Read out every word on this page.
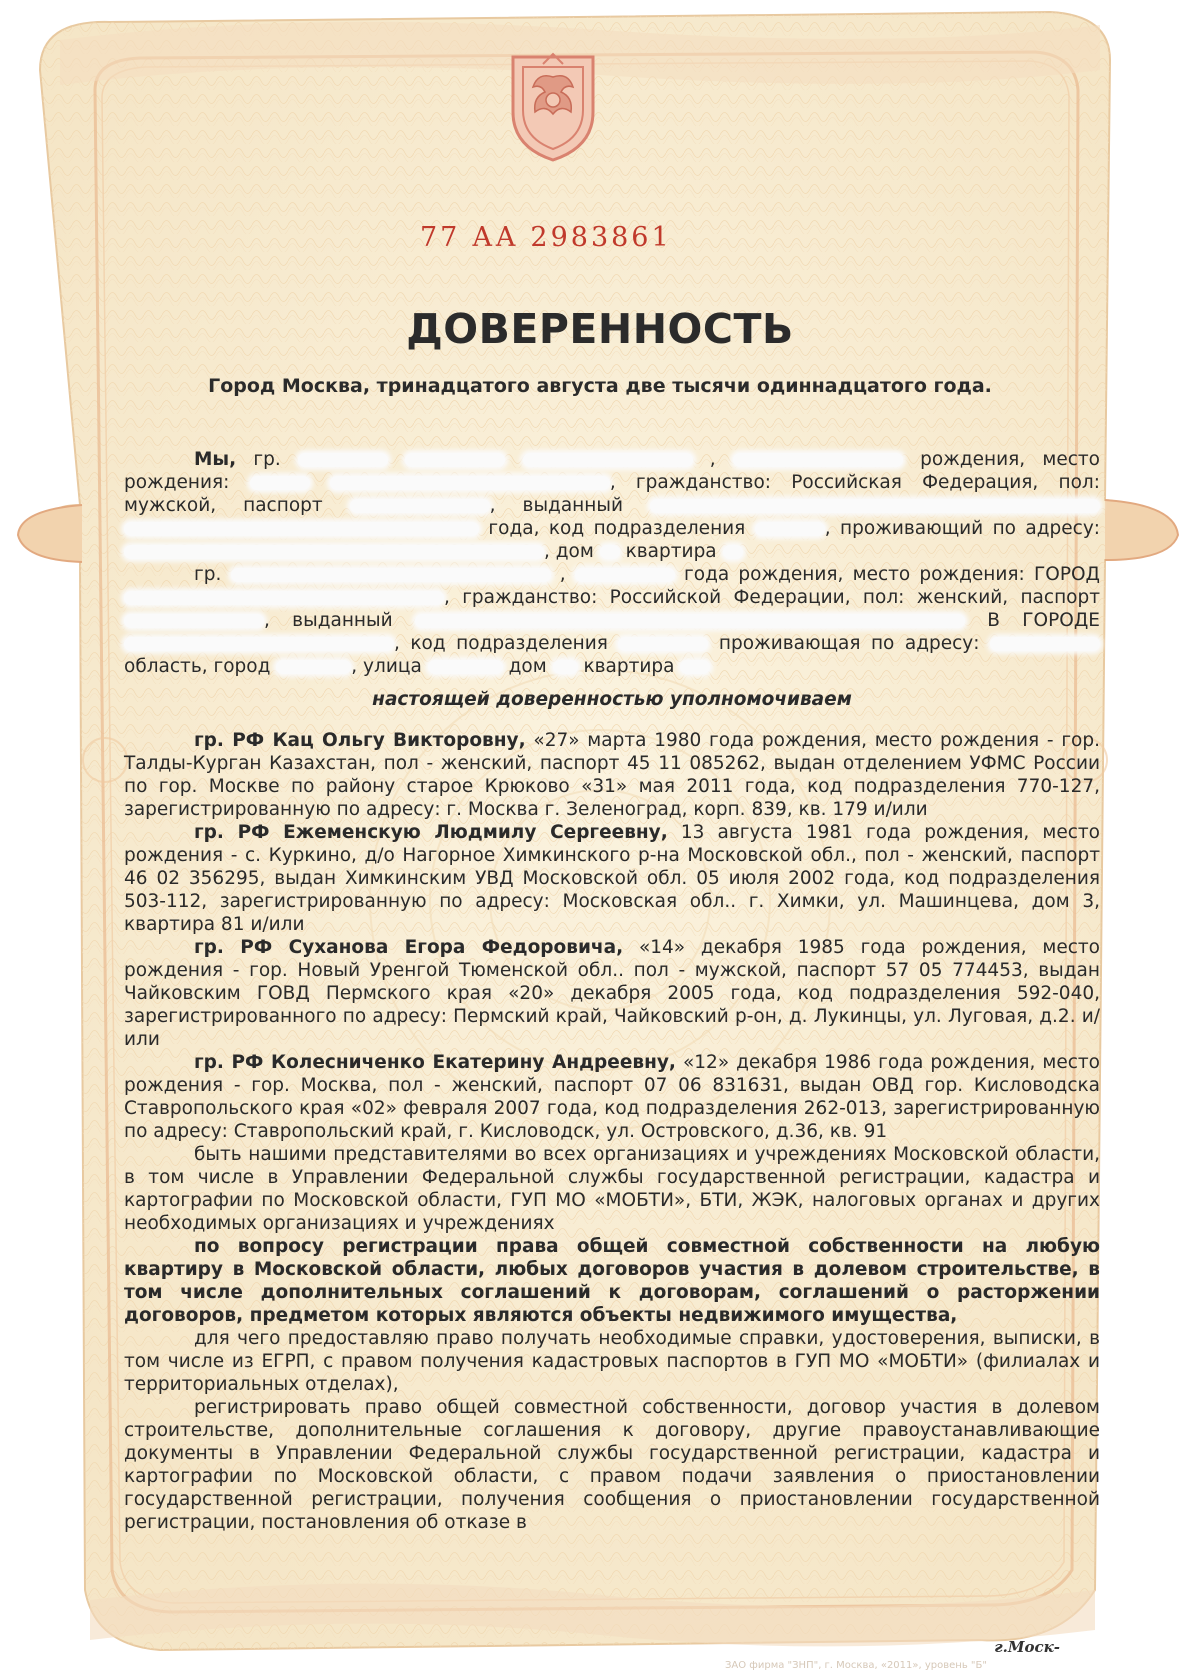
77 АА 2983861
ДОВЕРЕННОСТЬ
Город Москва, тринадцатого августа две тысячи одиннадцатого года.

Мы, гр.	,	рождения, место рождения:	, гражданство: Российская Федерация, пол: мужской, паспорт	, выданный   года, код подразделения	, проживающий по адресу: , дом квартира

гр.	,	года рождения, место рождения: ГОРОД , гражданство: Российской Федерации, пол: женский, паспорт , выданный	В ГОРОДЕ , код подразделения	проживающая по адресу:  область, город	, улица	дом квартира

настоящей доверенностью уполномочиваем

гр. РФ Кац Ольгу Викторовну, «27» марта 1980 года рождения, место рождения - гор. Талды-Курган Казахстан, пол - женский, паспорт 45 11 085262, выдан отделением УФМС России по гор. Москве по району старое Крюково «31» мая 2011 года, код подразделения 770-127, зарегистрированную по адресу: г. Москва г. Зеленоград, корп. 839, кв. 179 и/или

гр. РФ Ежеменскую Людмилу Сергеевну, 13 августа 1981 года рождения, место рождения - с. Куркино, д/о Нагорное Химкинского р-на Московской обл., пол - женский, паспорт 46 02 356295, выдан Химкинским УВД Московской обл. 05 июля 2002 года, код подразделения 503-112, зарегистрированную по адресу: Московская обл.. г. Химки, ул. Машинцева, дом 3, квартира 81 и/или

гр. РФ Суханова Егора Федоровича, «14» декабря 1985 года рождения, место рождения - гор. Новый Уренгой Тюменской обл.. пол - мужской, паспорт 57 05 774453, выдан Чайковским ГОВД Пермского края «20» декабря 2005 года, код подразделения 592-040, зарегистрированного по адресу: Пермский край, Чайковский р-он, д. Лукинцы, ул. Луговая, д.2. и/или

гр. РФ Колесниченко Екатерину Андреевну, «12» декабря 1986 года рождения, место рождения - гор. Москва, пол - женский, паспорт 07 06 831631, выдан ОВД гор. Кисловодска Ставропольского края «02» февраля 2007 года, код подразделения 262-013, зарегистрированную по адресу: Ставропольский край, г. Кисловодск, ул. Островского, д.36, кв. 91

быть нашими представителями во всех организациях и учреждениях Московской области, в том числе в Управлении Федеральной службы государственной регистрации, кадастра и картографии по Московской области, ГУП МО «МОБТИ», БТИ, ЖЭК, налоговых органах и других необходимых организациях и учреждениях

по вопросу регистрации права общей совместной собственности на любую квартиру в Московской области, любых договоров участия в долевом строительстве, в том числе дополнительных соглашений к договорам, соглашений о расторжении договоров, предметом которых являются объекты недвижимого имущества,

для чего предоставляю право получать необходимые справки, удостоверения, выписки, в том числе из ЕГРП, с правом получения кадастровых паспортов в ГУП МО «МОБТИ» (филиалах и территориальных отделах),

регистрировать право общей совместной собственности, договор участия в долевом строительстве, дополнительные соглашения к договору, другие правоустанавливающие документы в Управлении Федеральной службы государственной регистрации, кадастра и картографии по Московской области, с правом подачи заявления о приостановлении государственной регистрации, получения сообщения о приостановлении государственной регистрации, постановления об отказе в

г.Моск-
ЗАО фирма "ЗНП", г. Москва, «2011», уровень "Б"
